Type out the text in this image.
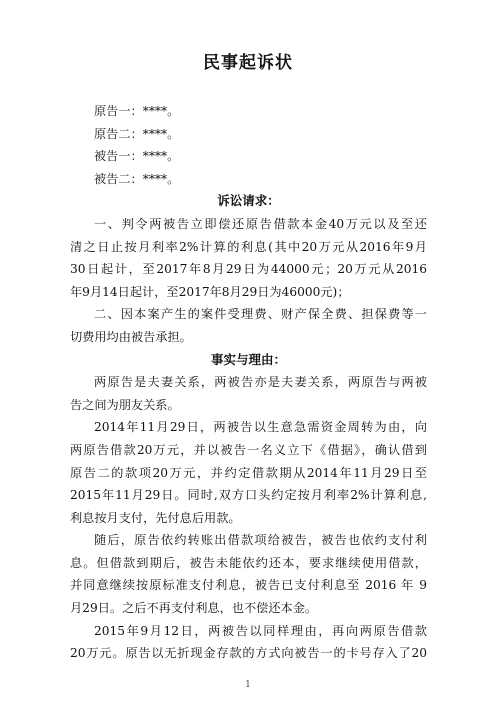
民事起诉状
原告一：****。
原告二：****。
被告一：****。
被告二：****。
诉讼请求：
一、判令两被告立即偿还原告借款本金40万元以及至还
清之日止按月利率2%计算的利息(其中20万元从2016年9月
30日起计，至2017年8月29日为44000元；20万元从2016
年9月14日起计，至2017年8月29日为46000元)；
二、因本案产生的案件受理费、财产保全费、担保费等一
切费用均由被告承担。
事实与理由：
两原告是夫妻关系，两被告亦是夫妻关系，两原告与两被
告之间为朋友关系。
2014年11月29日，两被告以生意急需资金周转为由，向
两原告借款20万元，并以被告一名义立下《借据》，确认借到
原告二的款项20万元，并约定借款期从2014年11月29日至
2015年11月29日。同时,双方口头约定按月利率2%计算利息,
利息按月支付，先付息后用款。
随后，原告依约转账出借款项给被告，被告也依约支付利
息。但借款到期后，被告未能依约还本，要求继续使用借款，
并同意继续按原标准支付利息，被告已支付利息至 2016 年 9
月29日。之后不再支付利息，也不偿还本金。
2015年9月12日，两被告以同样理由，再向两原告借款
20万元。原告以无折现金存款的方式向被告一的卡号存入了20
1
